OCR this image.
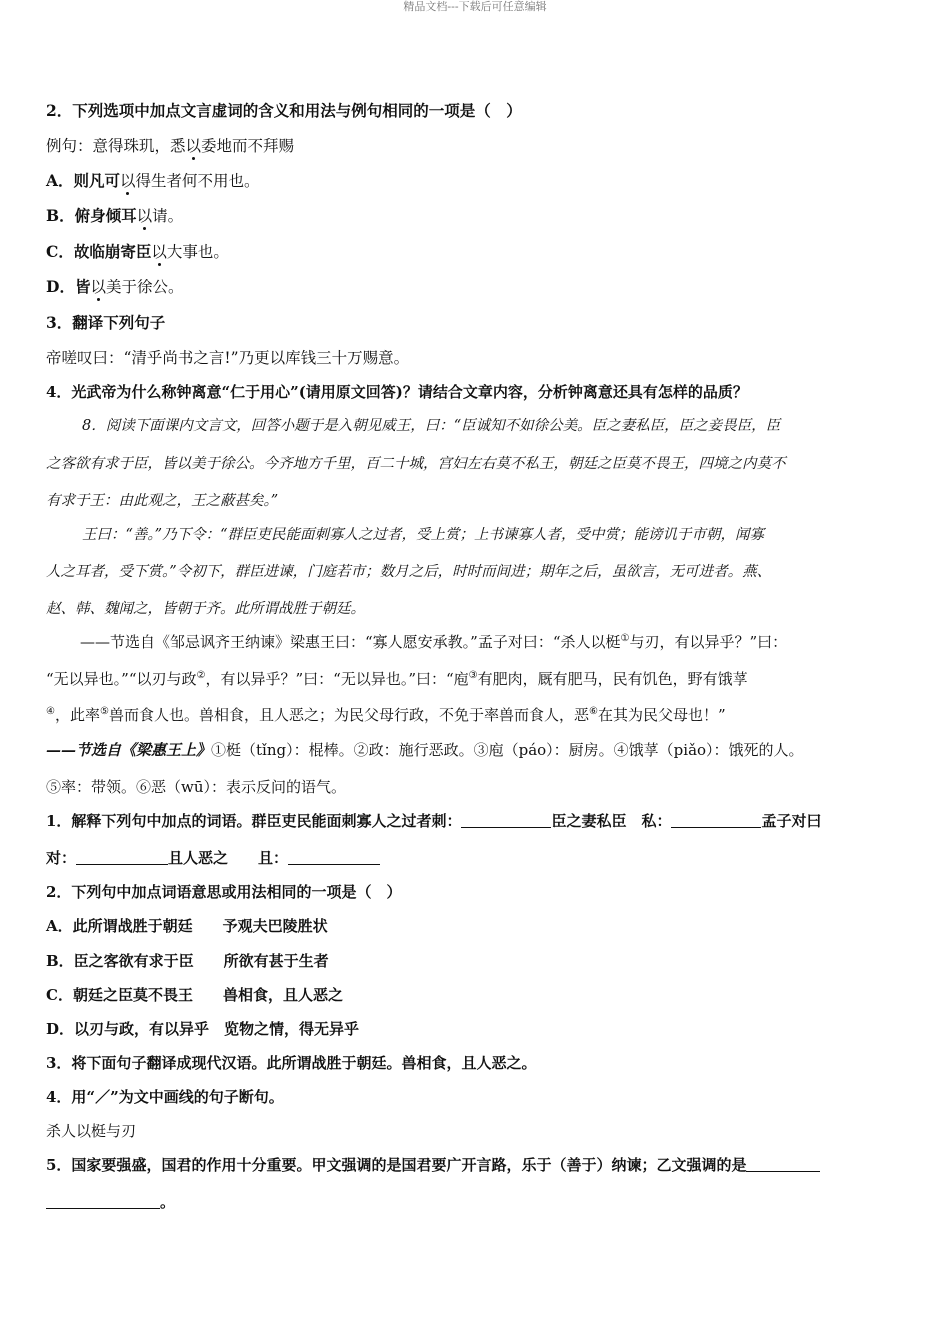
精品文档---下载后可任意编辑
2．下列选项中加点文言虚词的含义和用法与例句相同的一项是（　）
例句：意得珠玑，悉以委地而不拜赐
A．则凡可以得生者何不用也。
B．俯身倾耳以请。
C．故临崩寄臣以大事也。
D．皆以美于徐公。
3．翻译下列句子
帝嗟叹曰：“清乎尚书之言!”乃更以库钱三十万赐意。
4．光武帝为什么称钟离意“仁于用心”(请用原文回答)？请结合文章内容，分析钟离意还具有怎样的品质？
8．阅读下面课内文言文，回答小题于是入朝见威王，曰：“臣诚知不如徐公美。臣之妻私臣，臣之妾畏臣，臣
之客欲有求于臣，皆以美于徐公。今齐地方千里，百二十城，宫妇左右莫不私王，朝廷之臣莫不畏王，四境之内莫不
有求于王：由此观之，王之蔽甚矣。”
王曰：“善。”乃下令：“群臣吏民能面刺寡人之过者，受上赏；上书谏寡人者，受中赏；能谤讥于市朝，闻寡
人之耳者，受下赏。”令初下，群臣进谏，门庭若市；数月之后，时时而间进；期年之后，虽欲言，无可进者。燕、
赵、韩、魏闻之，皆朝于齐。此所谓战胜于朝廷。
——节选自《邹忌讽齐王纳谏》梁惠王曰：“寡人愿安承教。”孟子对曰：“杀人以梃①与刃，有以异乎？”曰：
“无以异也。”“以刃与政②，有以异乎？”曰：“无以异也。”曰：“庖③有肥肉，厩有肥马，民有饥色，野有饿莩
④，此率⑤兽而食人也。兽相食，且人恶之；为民父母行政，不免于率兽而食人，恶⑥在其为民父母也！”
——节选自《梁惠王上》①梃（tǐng）：棍棒。②政：施行恶政。③庖（páo）：厨房。④饿莩（piǎo）：饿死的人。
⑤率：带领。⑥恶（wū）：表示反问的语气。
1．解释下列句中加点的词语。群臣吏民能面刺寡人之过者刺：	臣之妻私臣　私：	孟子对曰
对：	且人恶之　　且：
2．下列句中加点词语意思或用法相同的一项是（　）
A．此所谓战胜于朝廷　　予观夫巴陵胜状
B．臣之客欲有求于臣　　所欲有甚于生者
C．朝廷之臣莫不畏王　　兽相食，且人恶之
D．以刃与政，有以异乎　览物之情，得无异乎
3．将下面句子翻译成现代汉语。此所谓战胜于朝廷。兽相食，且人恶之。
4．用“／”为文中画线的句子断句。
杀人以梃与刃
5．国家要强盛，国君的作用十分重要。甲文强调的是国君要广开言路，乐于（善于）纳谏；乙文强调的是
。
